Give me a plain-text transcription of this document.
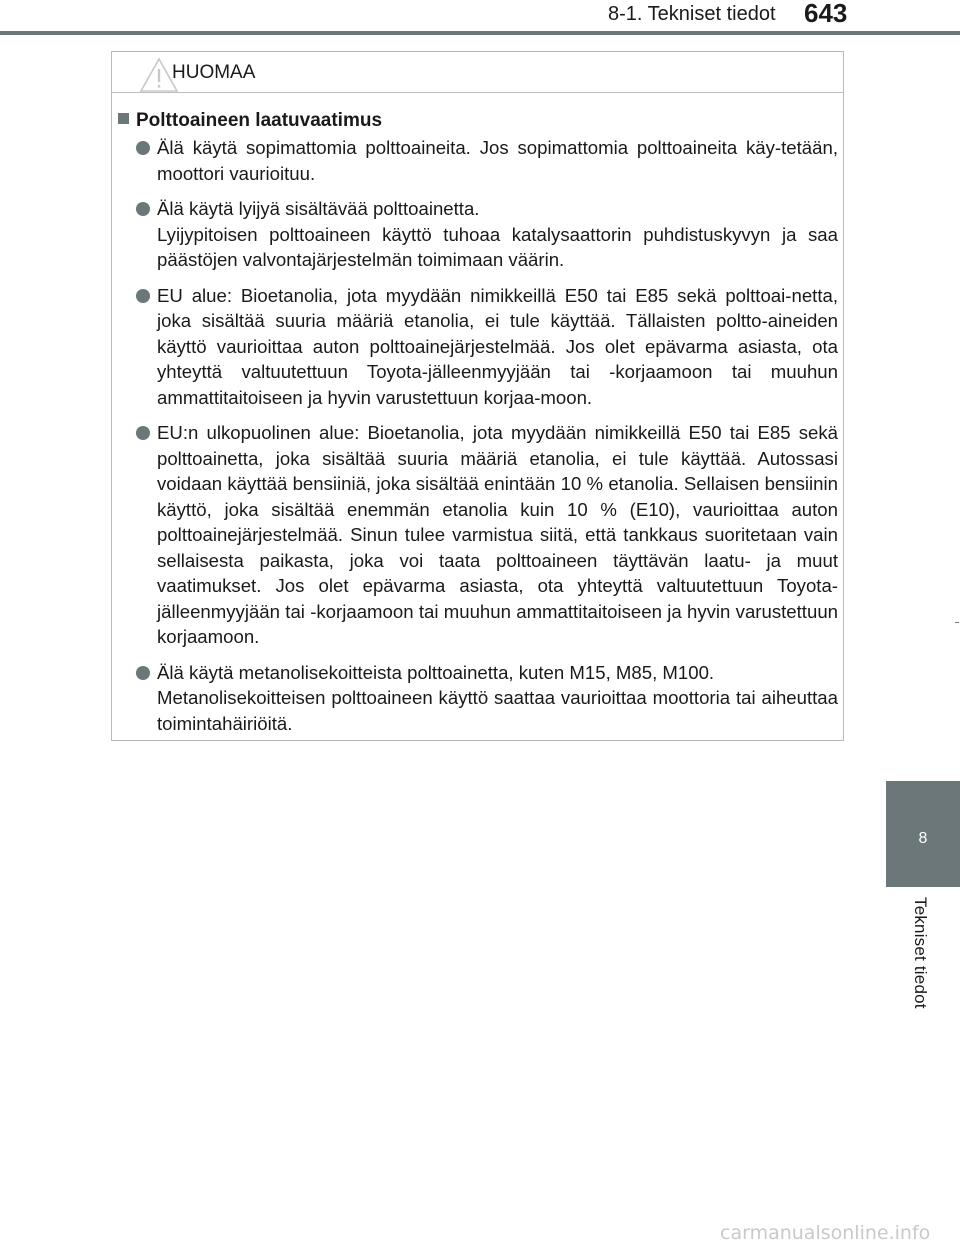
8-1. Tekniset tiedot 643
HUOMAA
Polttoaineen laatuvaatimus
Älä käytä sopimattomia polttoaineita. Jos sopimattomia polttoaineita käy-tetään, moottori vaurioituu.
Älä käytä lyijyä sisältävää polttoainetta.
Lyijypitoisen polttoaineen käyttö tuhoaa katalysaattorin puhdistuskyvyn ja saa päästöjen valvontajärjestelmän toimimaan väärin.
EU alue: Bioetanolia, jota myydään nimikkeillä E50 tai E85 sekä polttoai-netta, joka sisältää suuria määriä etanolia, ei tule käyttää. Tällaisten poltto-aineiden käyttö vaurioittaa auton polttoainejärjestelmää. Jos olet epävarma asiasta, ota yhteyttä valtuutettuun Toyota-jälleenmyyjään tai -korjaamoon tai muuhun ammattitaitoiseen ja hyvin varustettuun korjaa-moon.
EU:n ulkopuolinen alue: Bioetanolia, jota myydään nimikkeillä E50 tai E85 sekä polttoainetta, joka sisältää suuria määriä etanolia, ei tule käyttää. Autossasi voidaan käyttää bensiiniä, joka sisältää enintään 10 % etanolia. Sellaisen bensiinin käyttö, joka sisältää enemmän etanolia kuin 10 % (E10), vaurioittaa auton polttoainejärjestelmää. Sinun tulee varmistua siitä, että tankkaus suoritetaan vain sellaisesta paikasta, joka voi taata polttoaineen täyttävän laatu- ja muut vaatimukset. Jos olet epävarma asiasta, ota yhteyttä valtuutettuun Toyota-jälleenmyyjään tai -korjaamoon tai muuhun ammattitaitoiseen ja hyvin varustettuun korjaamoon.
Älä käytä metanolisekoitteista polttoainetta, kuten M15, M85, M100.
Metanolisekoitteisen polttoaineen käyttö saattaa vaurioittaa moottoria tai aiheuttaa toimintahäiriöitä.
8
Tekniset tiedot
carmanualsonline.info
